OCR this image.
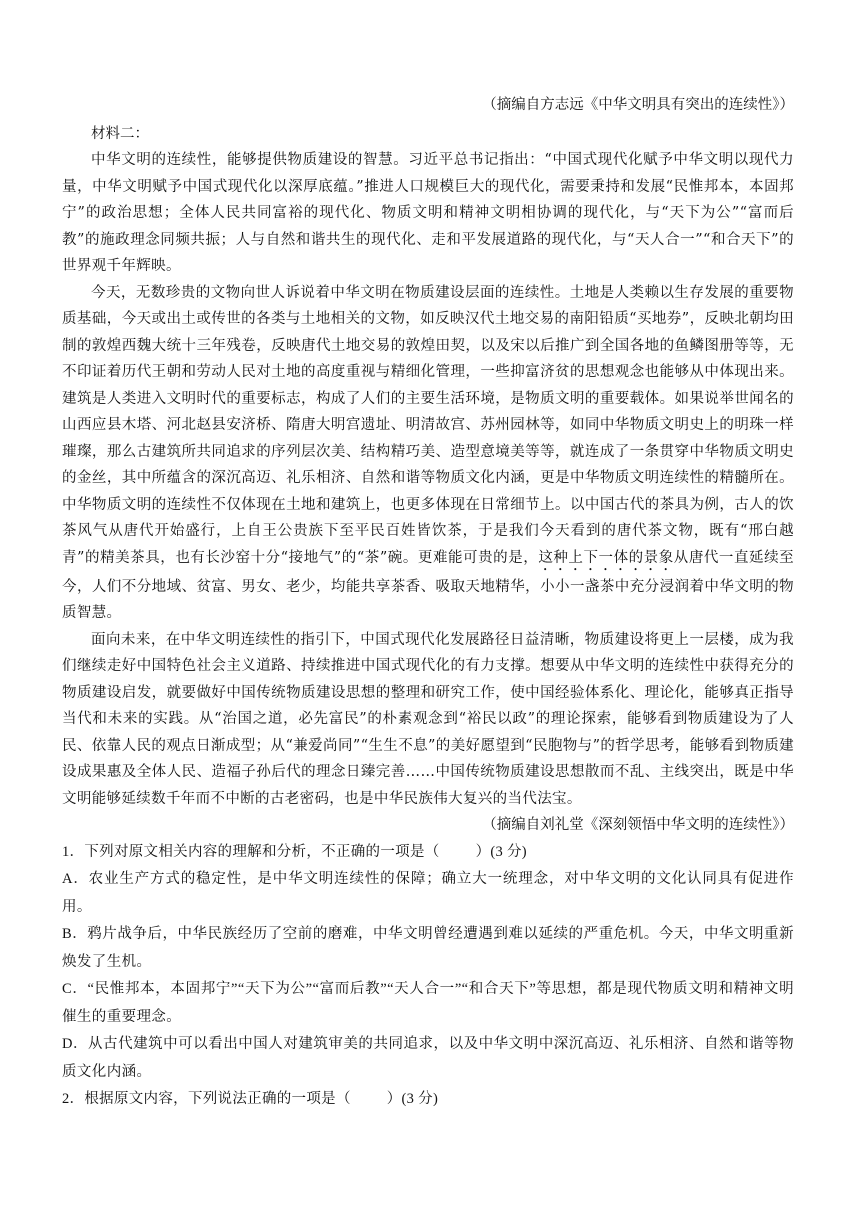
（摘编自方志远《中华文明具有突出的连续性》）
材料二：

中华文明的连续性，能够提供物质建设的智慧。习近平总书记指出：“中国式现代化赋予中华文明以现代力量，中华文明赋予中国式现代化以深厚底蕴。”推进人口规模巨大的现代化，需要秉持和发展“民惟邦本，本固邦宁”的政治思想；全体人民共同富裕的现代化、物质文明和精神文明相协调的现代化，与“天下为公”“富而后教”的施政理念同频共振；人与自然和谐共生的现代化、走和平发展道路的现代化，与“天人合一”“和合天下”的世界观千年辉映。

今天，无数珍贵的文物向世人诉说着中华文明在物质建设层面的连续性。土地是人类赖以生存发展的重要物质基础，今天或出土或传世的各类与土地相关的文物，如反映汉代土地交易的南阳铅质“买地券”，反映北朝均田制的敦煌西魏大统十三年残卷，反映唐代土地交易的敦煌田契，以及宋以后推广到全国各地的鱼鳞图册等等，无不印证着历代王朝和劳动人民对土地的高度重视与精细化管理，一些抑富济贫的思想观念也能够从中体现出来。建筑是人类进入文明时代的重要标志，构成了人们的主要生活环境，是物质文明的重要载体。如果说举世闻名的山西应县木塔、河北赵县安济桥、隋唐大明宫遗址、明清故宫、苏州园林等，如同中华物质文明史上的明珠一样璀璨，那么古建筑所共同追求的序列层次美、结构精巧美、造型意境美等等，就连成了一条贯穿中华物质文明史的金丝，其中所蕴含的深沉高迈、礼乐相济、自然和谐等物质文化内涵，更是中华物质文明连续性的精髓所在。中华物质文明的连续性不仅体现在土地和建筑上，也更多体现在日常细节上。以中国古代的茶具为例，古人的饮茶风气从唐代开始盛行，上自王公贵族下至平民百姓皆饮茶，于是我们今天看到的唐代茶文物，既有“邢白越青”的精美茶具，也有长沙窑十分“接地气”的“茶”碗。更难能可贵的是，这种上下一体的景象从唐代一直延续至今，人们不分地域、贫富、男女、老少，均能共享茶香、吸取天地精华，小小一盏茶中充分浸润着中华文明的物质智慧。

面向未来，在中华文明连续性的指引下，中国式现代化发展路径日益清晰，物质建设将更上一层楼，成为我们继续走好中国特色社会主义道路、持续推进中国式现代化的有力支撑。想要从中华文明的连续性中获得充分的物质建设启发，就要做好中国传统物质建设思想的整理和研究工作，使中国经验体系化、理论化，能够真正指导当代和未来的实践。从“治国之道，必先富民”的朴素观念到“裕民以政”的理论探索，能够看到物质建设为了人民、依靠人民的观点日渐成型；从“兼爱尚同”“生生不息”的美好愿望到“民胞物与”的哲学思考，能够看到物质建设成果惠及全体人民、造福子孙后代的理念日臻完善……中国传统物质建设思想散而不乱、主线突出，既是中华文明能够延续数千年而不中断的古老密码，也是中华民族伟大复兴的当代法宝。

（摘编自刘礼堂《深刻领悟中华文明的连续性》）

1．下列对原文相关内容的理解和分析，不正确的一项是（ ）(3 分)

A．农业生产方式的稳定性，是中华文明连续性的保障；确立大一统理念，对中华文明的文化认同具有促进作用。

B．鸦片战争后，中华民族经历了空前的磨难，中华文明曾经遭遇到难以延续的严重危机。今天，中华文明重新焕发了生机。

C．“民惟邦本，本固邦宁”“天下为公”“富而后教”“天人合一”“和合天下”等思想，都是现代物质文明和精神文明催生的重要理念。

D．从古代建筑中可以看出中国人对建筑审美的共同追求，以及中华文明中深沉高迈、礼乐相济、自然和谐等物质文化内涵。

2．根据原文内容，下列说法正确的一项是（ ）(3 分)
